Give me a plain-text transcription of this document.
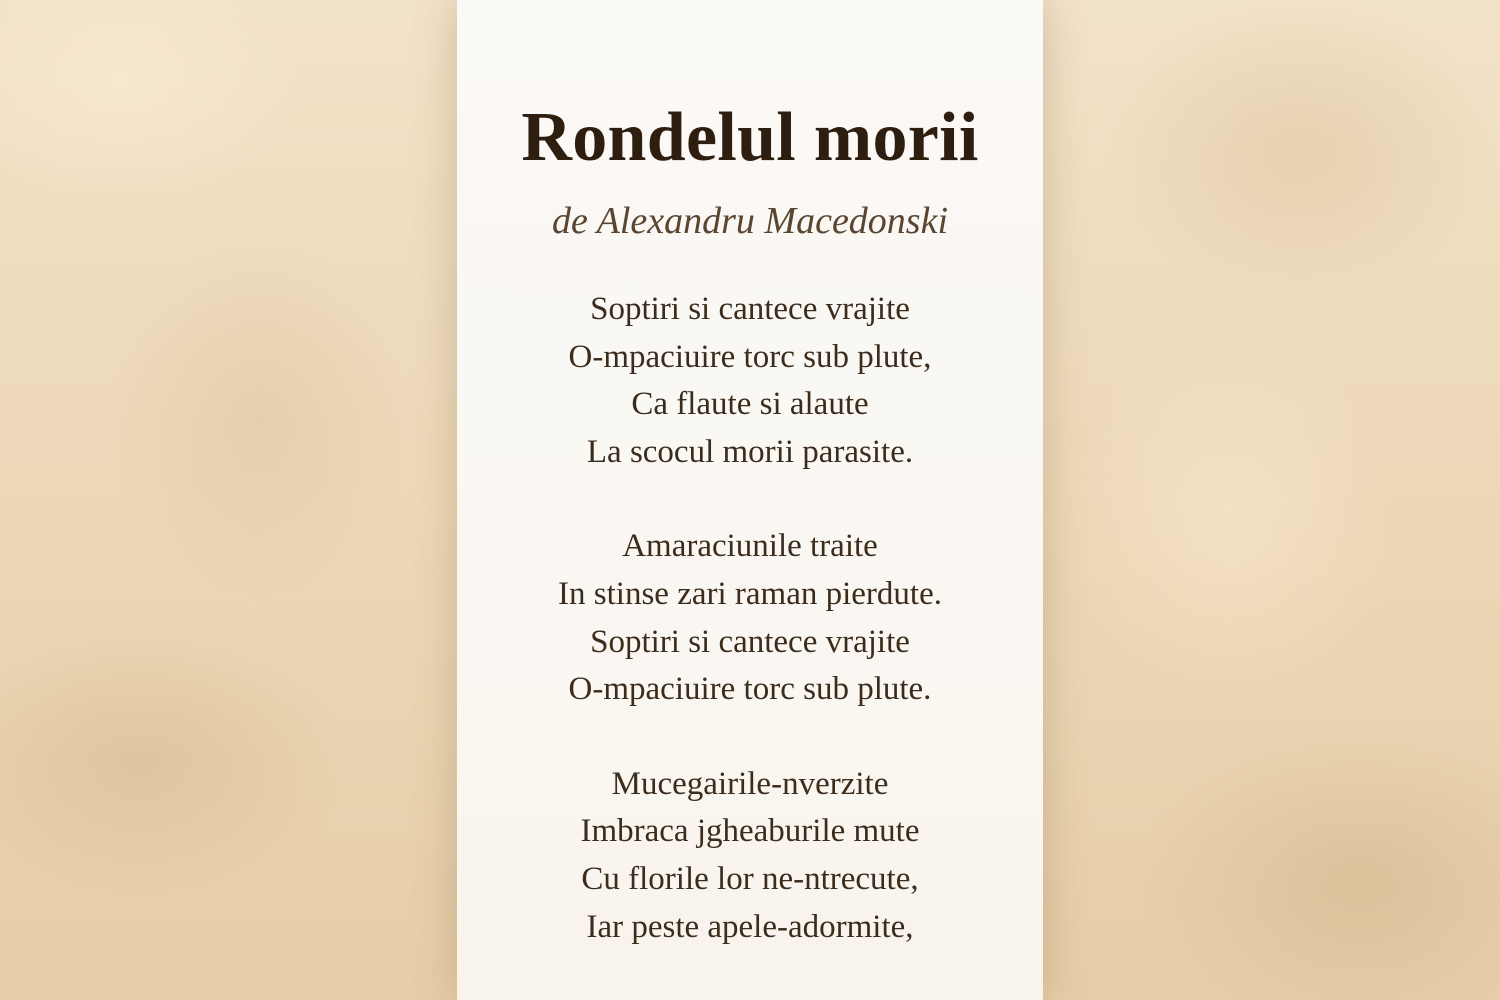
Rondelul morii

de Alexandru Macedonski

Soptiri si cantece vrajite
O-mpaciuire torc sub plute,
Ca flaute si alaute
La scocul morii parasite.
Amaraciunile traite
In stinse zari raman pierdute.
Soptiri si cantece vrajite
O-mpaciuire torc sub plute.
Mucegairile-nverzite
Imbraca jgheaburile mute
Cu florile lor ne-ntrecute,
Iar peste apele-adormite,
